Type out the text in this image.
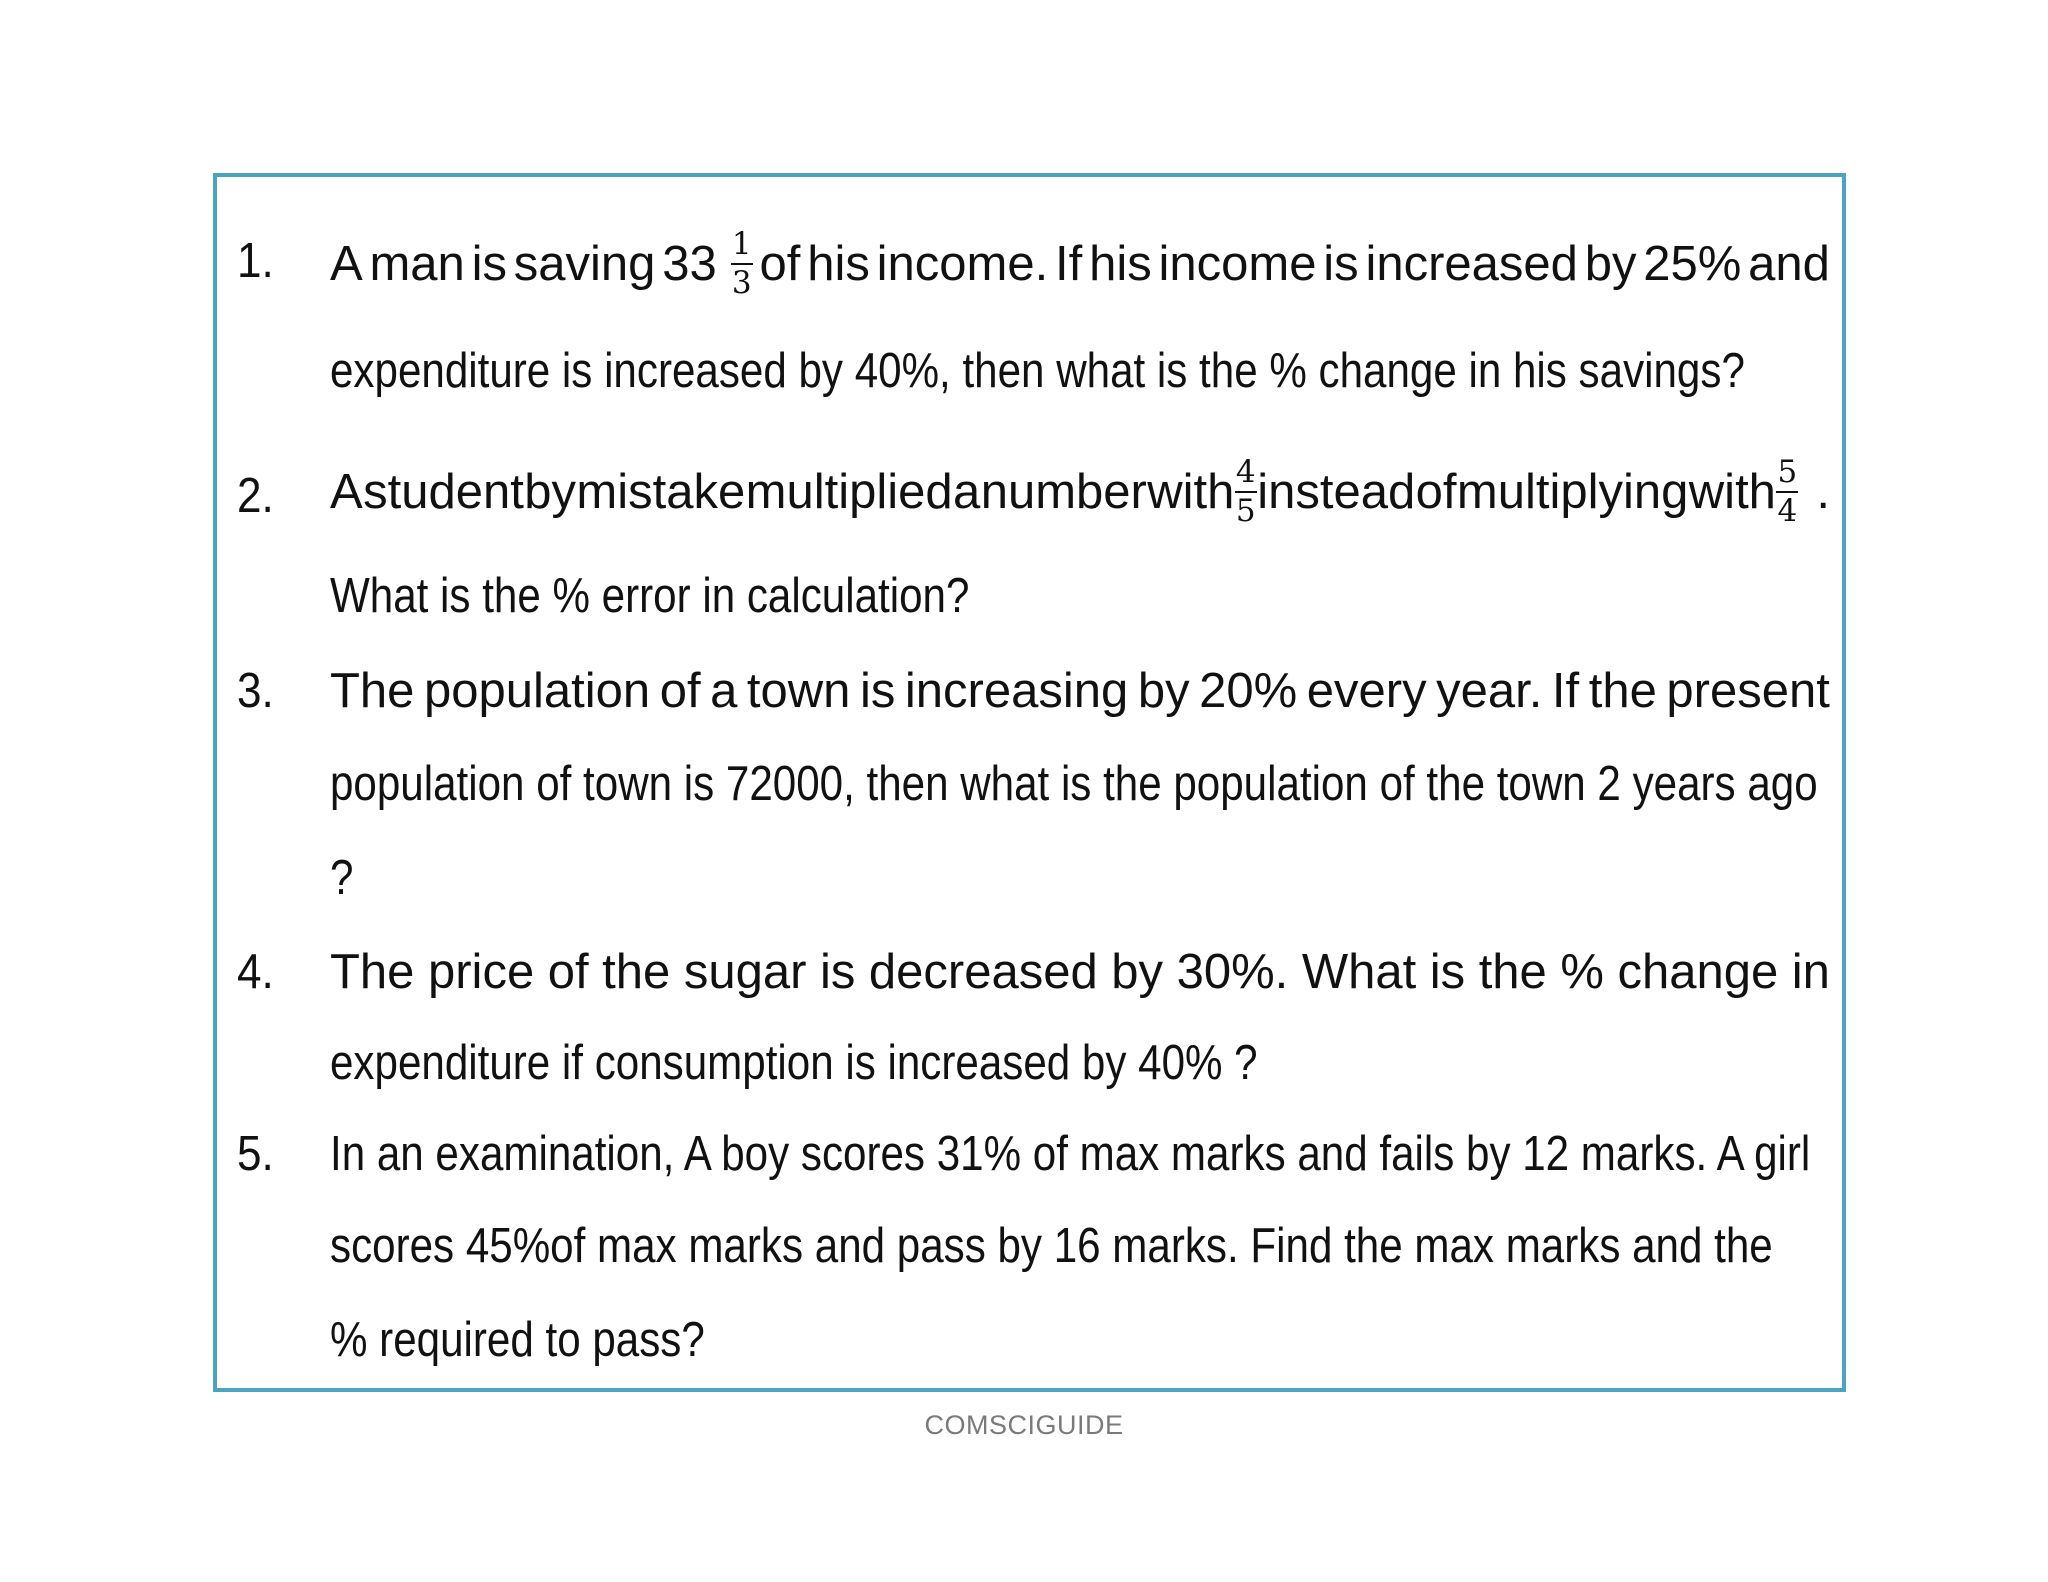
1. A man is saving $33 \frac{1}{3}$ of his income. If his income is increased by 25% and
expenditure is increased by 40%, then what is the % change in his savings?
2. A student by mistake multiplied a number with $\frac{4}{5}$ instead of multiplying with $\frac{5}{4}$ .
What is the % error in calculation?
3. The population of a town is increasing by 20% every year. If the present
population of town is 72000, then what is the population of the town 2 years ago
?
4. The price of the sugar is decreased by 30%. What is the % change in
expenditure if consumption is increased by 40% ?
5. In an examination, A boy scores 31% of max marks and fails by 12 marks. A girl
scores 45%of max marks and pass by 16 marks. Find the max marks and the
% required to pass?
COMSCIGUIDE
